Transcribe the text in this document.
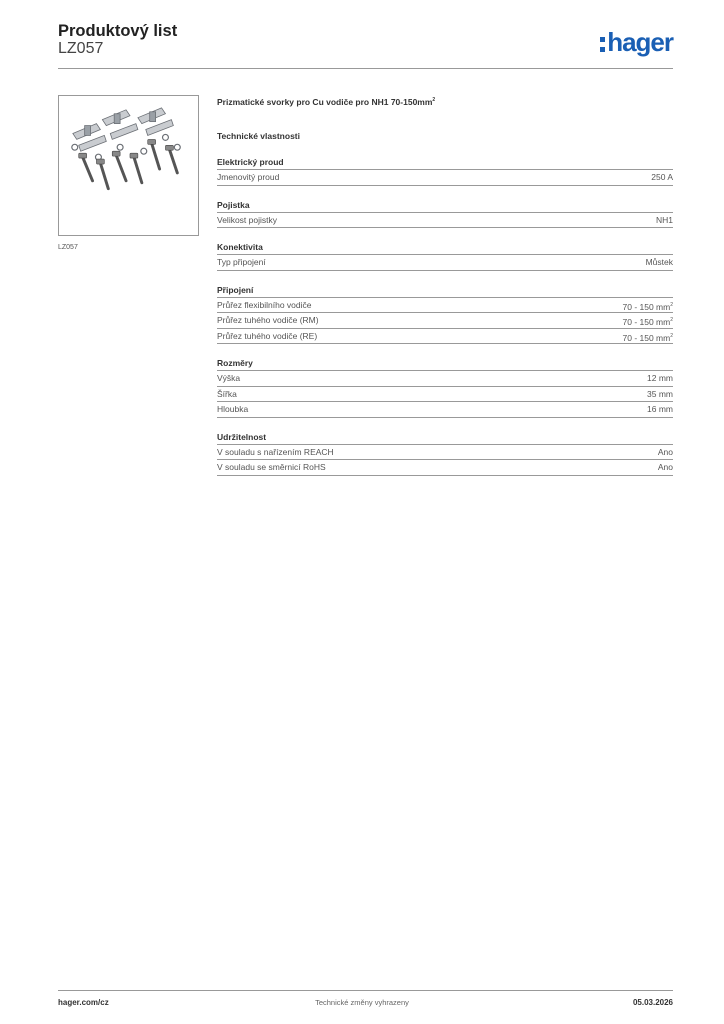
Produktový list
LZ057	hager
LZ057
Prizmatické svorky pro Cu vodiče pro NH1 $70-150mm^2$
Technické vlastnosti
Elektrický proud
Jmenovitý proud	250 A
Pojistka
Velikost pojistky	NH1
Konektivita
Typ připojení	Můstek
Připojení
Průřez flexibilního vodiče	70 - 150 $mm^2$
Průřez tuhého vodiče (RM)	70 - 150 $mm^2$
Průřez tuhého vodiče (RE)	70 - 150 $mm^2$
Rozměry
Výška	12 mm
Šířka	35 mm
Hloubka	16 mm
Udržitelnost
V souladu s nařízením REACH	Ano
V souladu se směrnicí RoHS	Ano
hager.com/cz	Technické změny vyhrazeny	05.03.2026
